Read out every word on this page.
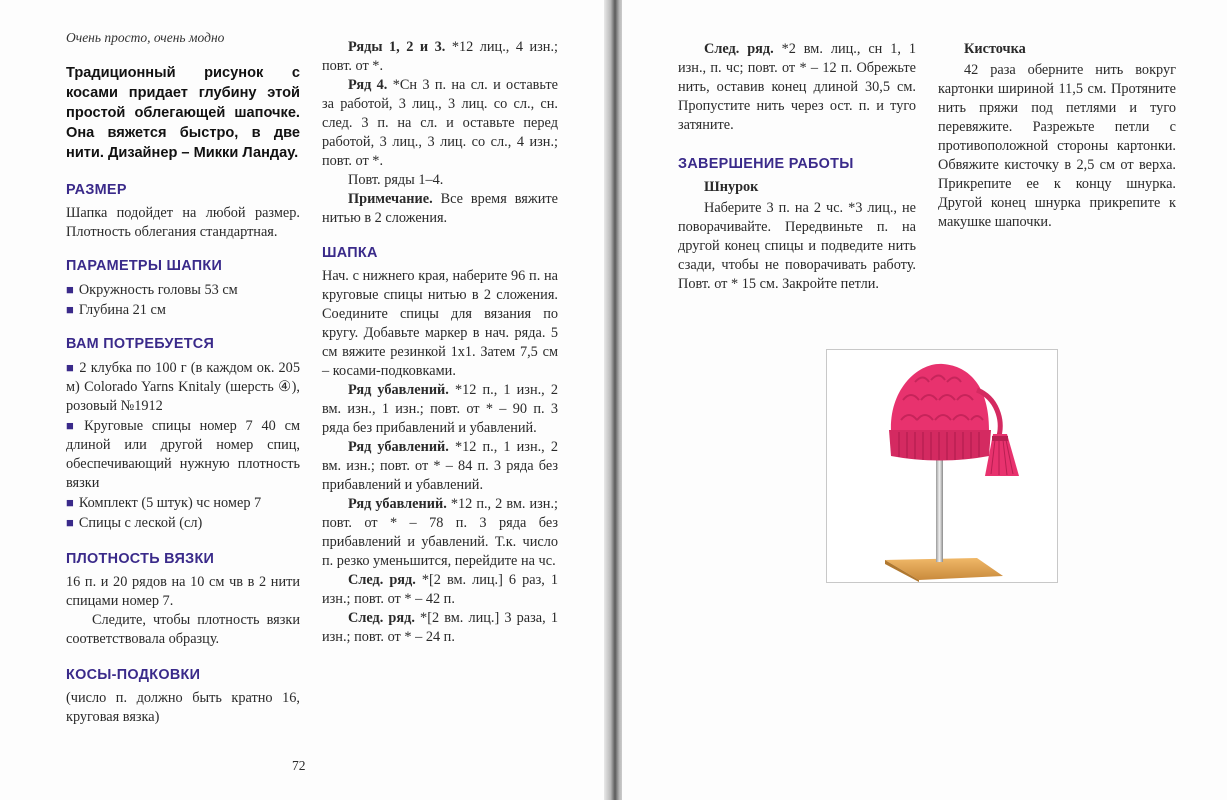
Очень просто, очень модно

Традиционный рисунок с косами придает глубину этой простой облегающей шапочке. Она вяжется быстро, в две нити. Дизайнер – Микки Ландау.

РАЗМЕР

Шапка подойдет на любой размер. Плотность облегания стандартная.

ПАРАМЕТРЫ ШАПКИ

■ Окружность головы 53 см

■ Глубина 21 см

ВАМ ПОТРЕБУЕТСЯ

■ 2 клубка по 100 г (в каждом ок. 205 м) Colorado Yarns Knitaly (шерсть ④), розовый №1912

■ Круговые спицы номер 7 40 см длиной или другой номер спиц, обеспечивающий нужную плотность вязки

■ Комплект (5 штук) чс номер 7

■ Спицы с леской (сл)

ПЛОТНОСТЬ ВЯЗКИ

16 п. и 20 рядов на 10 см чв в 2 нити спицами номер 7.

Следите, чтобы плотность вязки соответствовала образцу.

КОСЫ-ПОДКОВКИ

(число п. должно быть кратно 16, круговая вязка)

Ряды 1, 2 и 3. *12 лиц., 4 изн.; повт. от *.

Ряд 4. *Сн 3 п. на сл. и оставьте за работой, 3 лиц., 3 лиц. со сл., сн. след. 3 п. на сл. и оставьте перед работой, 3 лиц., 3 лиц. со сл., 4 изн.; повт. от *.

Повт. ряды 1–4.

Примечание. Все время вяжите нитью в 2 сложения.

ШАПКА

Нач. с нижнего края, наберите 96 п. на круговые спицы нитью в 2 сложения. Соедините спицы для вязания по кругу. Добавьте маркер в нач. ряда. 5 см вяжите резинкой 1х1. Затем 7,5 см – косами-подковками.

Ряд убавлений. *12 п., 1 изн., 2 вм. изн., 1 изн.; повт. от * – 90 п. 3 ряда без прибавлений и убавлений.

Ряд убавлений. *12 п., 1 изн., 2 вм. изн.; повт. от * – 84 п. 3 ряда без прибавлений и убавлений.

Ряд убавлений. *12 п., 2 вм. изн.; повт. от * – 78 п. 3 ряда без прибавлений и убавлений. Т.к. число п. резко уменьшится, перейдите на чс.

След. ряд. *[2 вм. лиц.] 6 раз, 1 изн.; повт. от * – 42 п.

След. ряд. *[2 вм. лиц.] 3 раза, 1 изн.; повт. от * – 24 п.

72

След. ряд. *2 вм. лиц., сн 1, 1 изн., п. чс; повт. от * – 12 п. Обрежьте нить, оставив конец длиной 30,5 см. Пропустите нить через ост. п. и туго затяните.

ЗАВЕРШЕНИЕ РАБОТЫ

Шнурок

Наберите 3 п. на 2 чс. *3 лиц., не поворачивайте. Передвиньте п. на другой конец спицы и подведите нить сзади, чтобы не поворачивать работу. Повт. от * 15 см. Закройте петли.

Кисточка

42 раза оберните нить вокруг картонки шириной 11,5 см. Протяните нить пряжи под петлями и туго перевяжите. Разрежьте петли с противоположной стороны картонки. Обвяжите кисточку в 2,5 см от верха. Прикрепите ее к концу шнурка. Другой конец шнурка прикрепите к макушке шапочки.
